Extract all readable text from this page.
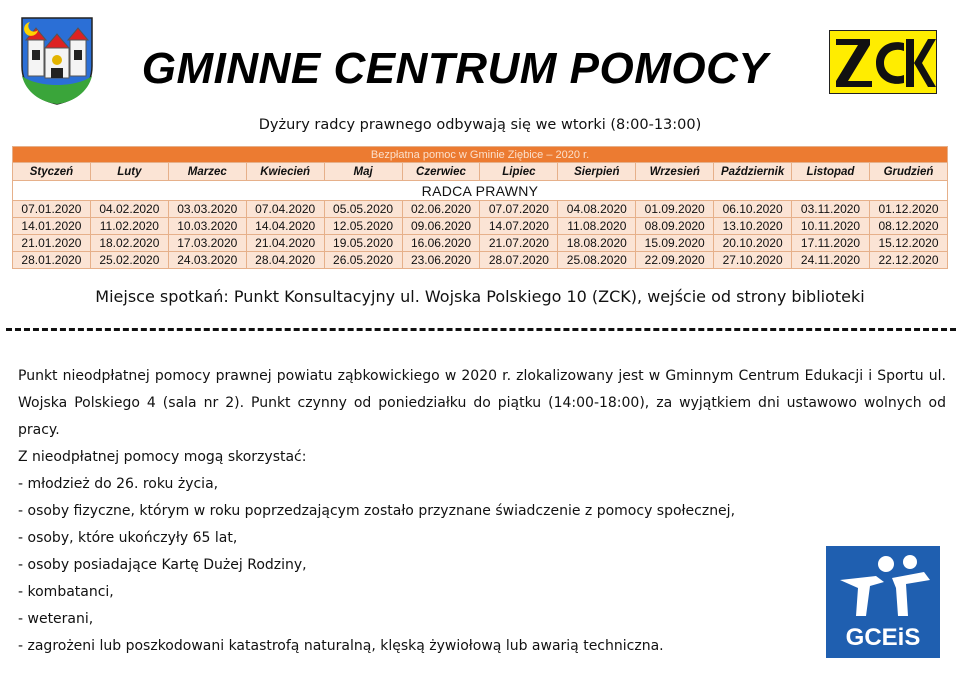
GMINNE CENTRUM POMOCY
Dyżury radcy prawnego odbywają się we wtorki (8:00-13:00)
Bezpłatna pomoc w Gminie Ziębice – 2020 r.											
Styczeń	Luty	Marzec	Kwiecień	Maj	Czerwiec	Lipiec	Sierpień	Wrzesień	Październik	Listopad	Grudzień
RADCA PRAWNY											
07.01.2020	04.02.2020	03.03.2020	07.04.2020	05.05.2020	02.06.2020	07.07.2020	04.08.2020	01.09.2020	06.10.2020	03.11.2020	01.12.2020
14.01.2020	11.02.2020	10.03.2020	14.04.2020	12.05.2020	09.06.2020	14.07.2020	11.08.2020	08.09.2020	13.10.2020	10.11.2020	08.12.2020
21.01.2020	18.02.2020	17.03.2020	21.04.2020	19.05.2020	16.06.2020	21.07.2020	18.08.2020	15.09.2020	20.10.2020	17.11.2020	15.12.2020
28.01.2020	25.02.2020	24.03.2020	28.04.2020	26.05.2020	23.06.2020	28.07.2020	25.08.2020	22.09.2020	27.10.2020	24.11.2020	22.12.2020
Miejsce spotkań: Punkt Konsultacyjny ul. Wojska Polskiego 10 (ZCK), wejście od strony biblioteki

Punkt nieodpłatnej pomocy prawnej powiatu ząbkowickiego w 2020 r. zlokalizowany jest w Gminnym Centrum Edukacji i Sportu ul. Wojska Polskiego 4 (sala nr 2). Punkt czynny od poniedziałku do piątku (14:00-18:00), za wyjątkiem dni ustawowo wolnych od pracy.

Z nieodpłatnej pomocy mogą skorzystać:
- młodzież do 26. roku życia,
- osoby fizyczne, którym w roku poprzedzającym zostało przyznane świadczenie z pomocy społecznej,
- osoby, które ukończyły 65 lat,
- osoby posiadające Kartę Dużej Rodziny,
- kombatanci,
- weterani,
- zagrożeni lub poszkodowani katastrofą naturalną, klęską żywiołową lub awarią techniczna.	GCEiS
